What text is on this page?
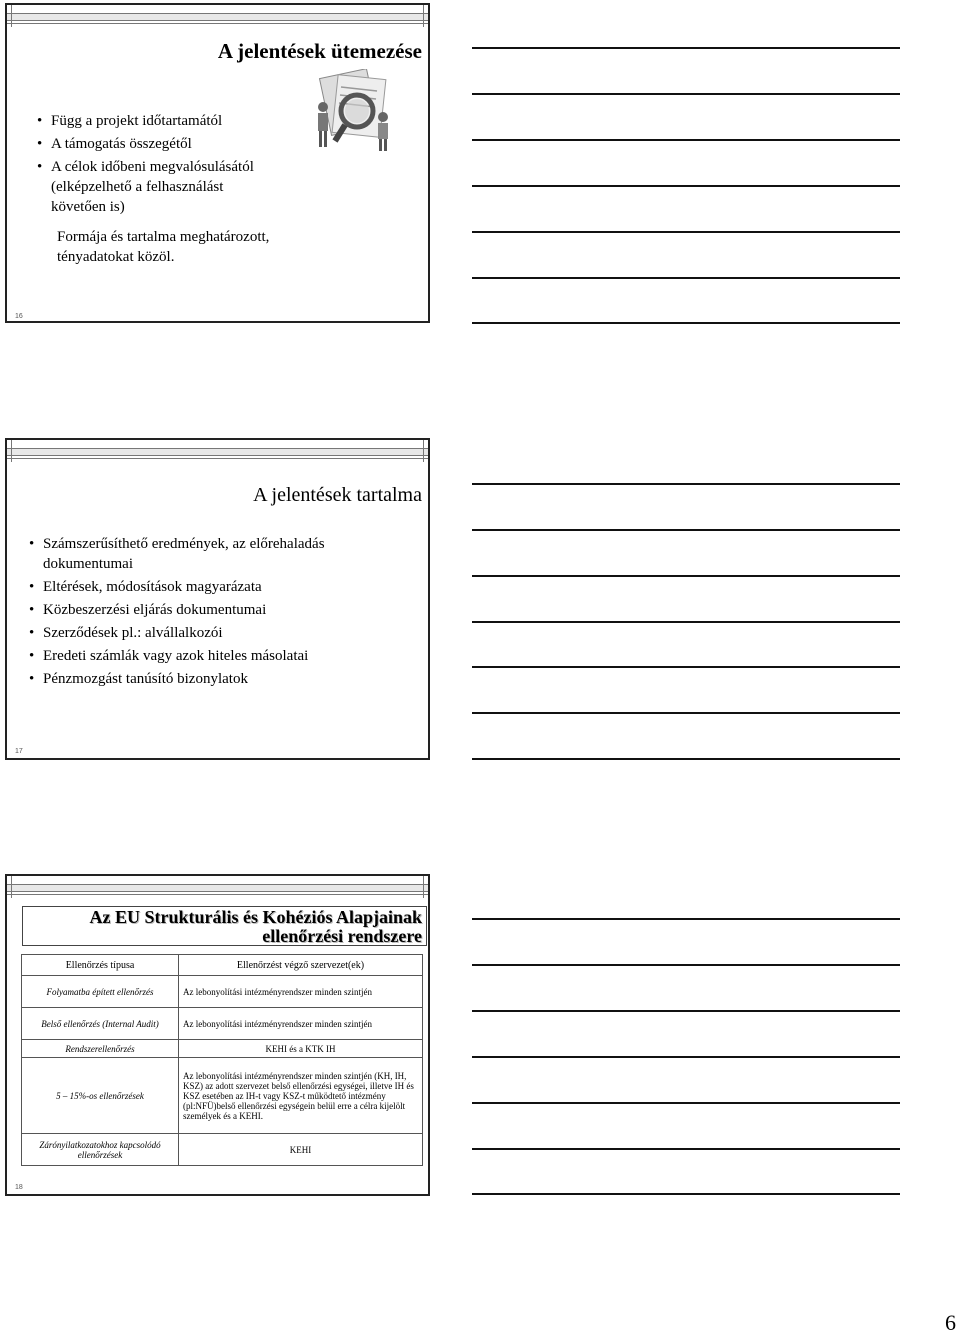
A jelentések ütemezése
• Függ a projekt időtartamától
• A támogatás összegétől
• A célok időbeni megvalósulásától (elképzelhető a felhasználást követően is)
Formája és tartalma meghatározott, tényadatokat közöl.
16
A jelentések tartalma
• Számszerűsíthető eredmények, az előrehaladás dokumentumai
• Eltérések, módosítások magyarázata
• Közbeszerzési eljárás dokumentumai
• Szerződések pl.: alvállalkozói
• Eredeti számlák vagy azok hiteles másolatai
• Pénzmozgást tanúsító bizonylatok
17
Az EU Strukturális és Kohéziós Alapjainak
ellenőrzési rendszere
Ellenőrzés típusa	Ellenőrzést végző szervezet(ek)
Folyamatba épített ellenőrzés	Az lebonyolítási intézményrendszer minden szintjén
Belső ellenőrzés (Internal Audit)	Az lebonyolítási intézményrendszer minden szintjén
Rendszerellenőrzés	KEHI és a KTK IH
5 – 15%-os ellenőrzések	Az lebonyolítási intézményrendszer minden szintjén (KH, IH, KSZ) az adott szervezet belső ellenőrzési egységei, illetve IH és KSZ esetében az IH-t vagy KSZ-t működtető intézmény (pl:NFÜ)belső ellenőrzési egységein belül erre a célra kijelölt személyek és a KEHI.
Zárónyilatkozatokhoz kapcsolódó ellenőrzések	KEHI
18
6
